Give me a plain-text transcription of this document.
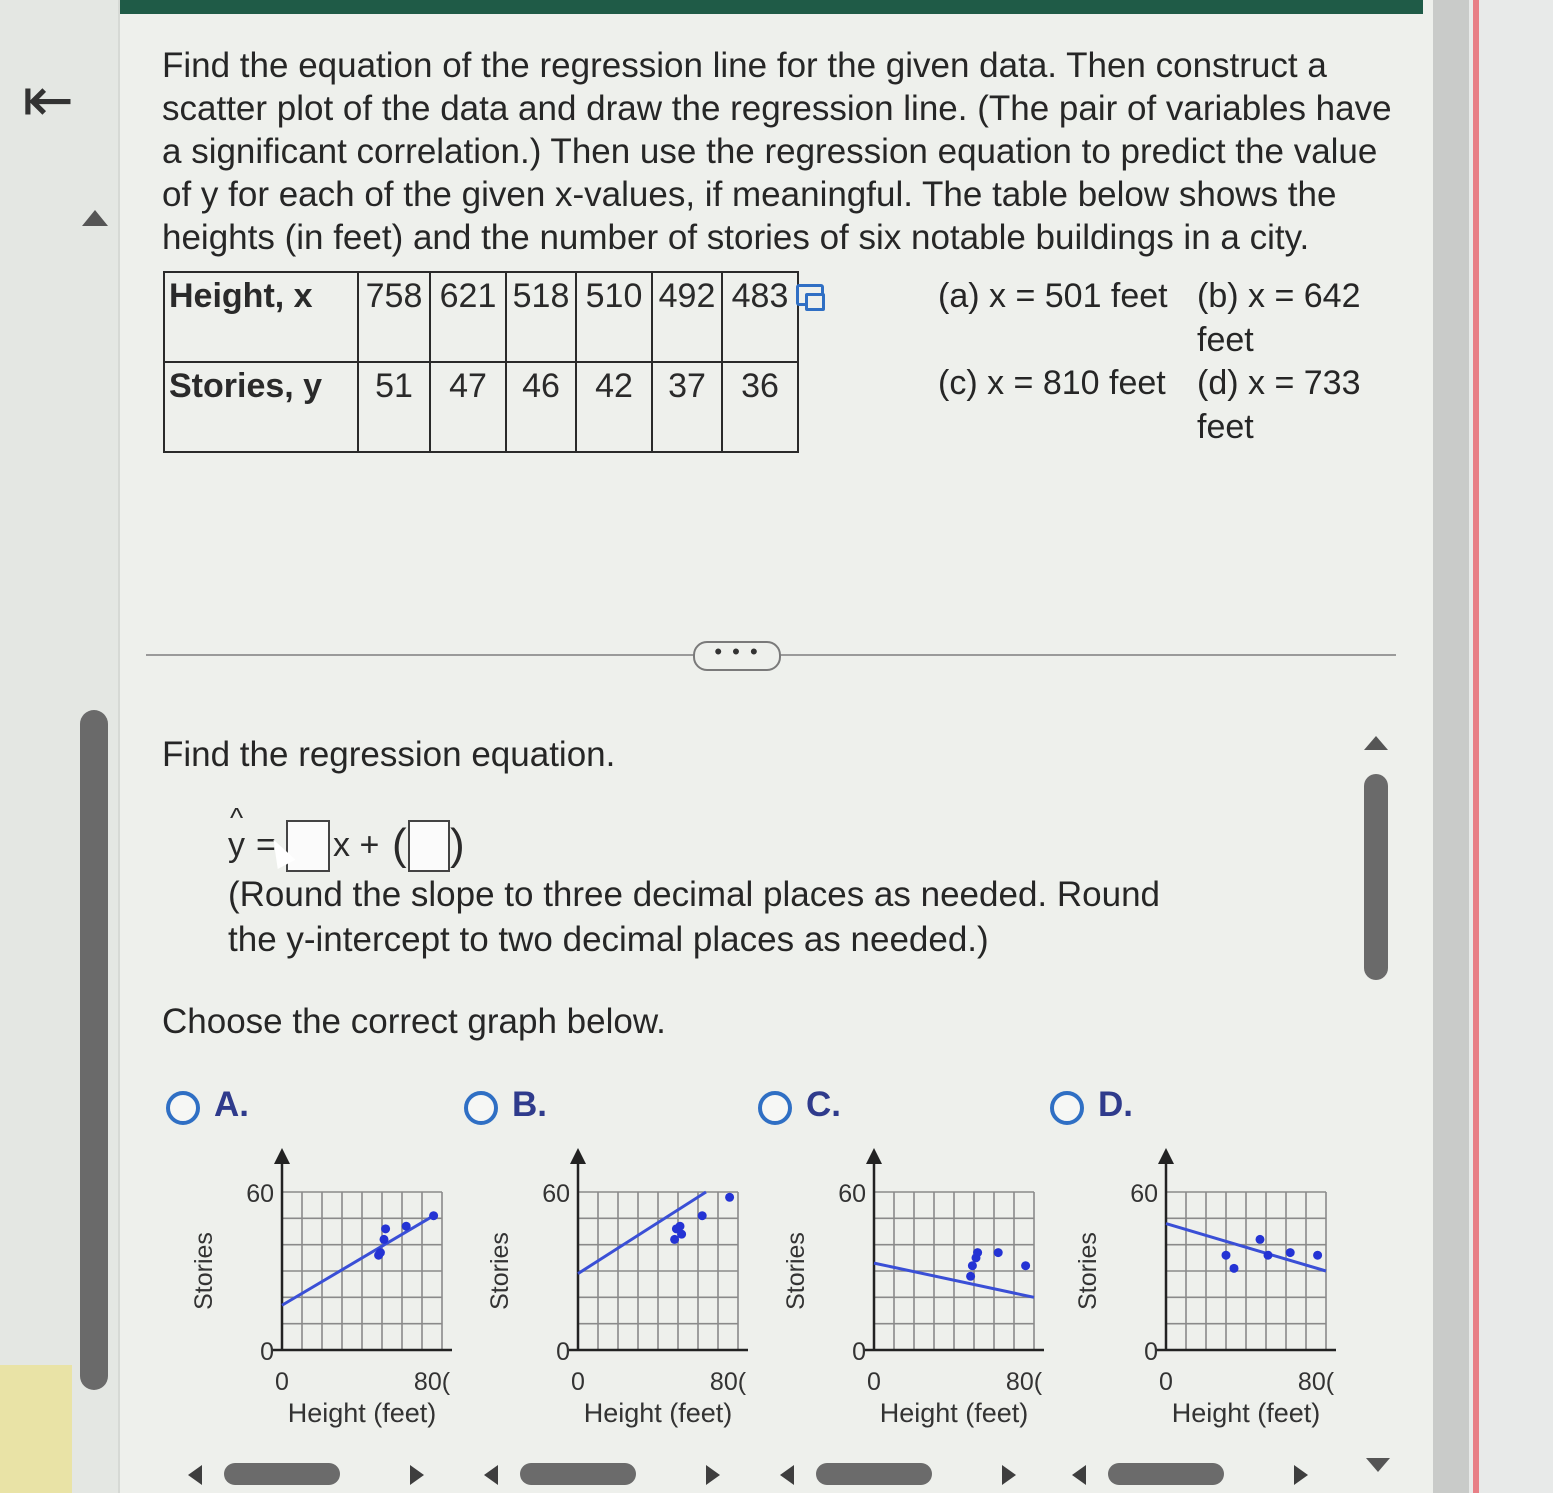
⇤

Find the equation of the regression line for the given data. Then construct a scatter plot of the data and draw the regression line. (The pair of variables have a significant correlation.) Then use the regression equation to predict the value of y for each of the given x-values, if meaningful. The table below shows the heights (in feet) and the number of stories of six notable buildings in a city.

Height, x	758	621	518	510	492	483
Stories, y	51	47	46	42	37	36
(a) x = 501 feet (b) x = 642
feet
(c) x = 810 feet (d) x = 733
feet
• • •
Find the regression equation.
^
y = x + ( )
(Round the slope to three decimal places as needed. Round the y-intercept to two decimal places as needed.)
Choose the correct graph below.
A.	B.	C.	D.
60
0
0	80(
Height (feet)
Stories
60
0
0	80(
Height (feet)
Stories
60
0
0	80(
Height (feet)
Stories
60
0
0	80(
Height (feet)
Stories
